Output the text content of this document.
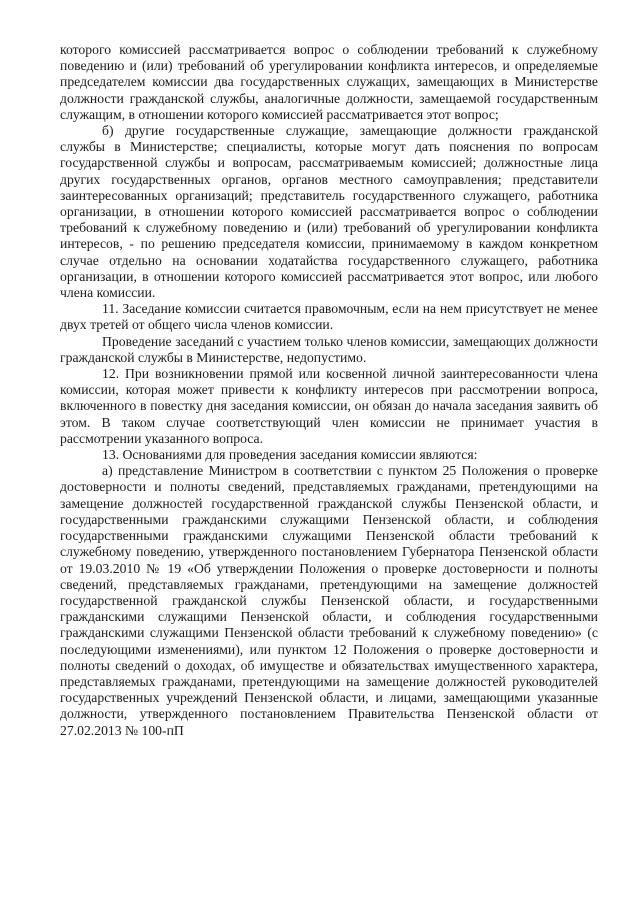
которого комиссией рассматривается вопрос о соблюдении требований к служебному поведению и (или) требований об урегулировании конфликта интересов, и определяемые председателем комиссии два государственных служащих, замещающих в Министерстве должности гражданской службы, аналогичные должности, замещаемой государственным служащим, в отношении которого комиссией рассматривается этот вопрос;

б) другие государственные служащие, замещающие должности гражданской службы в Министерстве; специалисты, которые могут дать пояснения по вопросам государственной службы и вопросам, рассматриваемым комиссией; должностные лица других государственных органов, органов местного самоуправления; представители заинтересованных организаций; представитель государственного служащего, работника организации, в отношении которого комиссией рассматривается вопрос о соблюдении требований к служебному поведению и (или) требований об урегулировании конфликта интересов, - по решению председателя комиссии, принимаемому в каждом конкретном случае отдельно на основании ходатайства государственного служащего, работника организации, в отношении которого комиссией рассматривается этот вопрос, или любого члена комиссии.

11. Заседание комиссии считается правомочным, если на нем присутствует не менее двух третей от общего числа членов комиссии.

Проведение заседаний с участием только членов комиссии, замещающих должности гражданской службы в Министерстве, недопустимо.

12. При возникновении прямой или косвенной личной заинтересованности члена комиссии, которая может привести к конфликту интересов при рассмотрении вопроса, включенного в повестку дня заседания комиссии, он обязан до начала заседания заявить об этом. В таком случае соответствующий член комиссии не принимает участия в рассмотрении указанного вопроса.

13. Основаниями для проведения заседания комиссии являются:

а) представление Министром в соответствии с пунктом 25 Положения о проверке достоверности и полноты сведений, представляемых гражданами, претендующими на замещение должностей государственной гражданской службы Пензенской области, и государственными гражданскими служащими Пензенской области, и соблюдения государственными гражданскими служащими Пензенской области требований к служебному поведению, утвержденного постановлением Губернатора Пензенской области от 19.03.2010 № 19 «Об утверждении Положения о проверке достоверности и полноты сведений, представляемых гражданами, претендующими на замещение должностей государственной гражданской службы Пензенской области, и государственными гражданскими служащими Пензенской области, и соблюдения государственными гражданскими служащими Пензенской области требований к служебному поведению» (с последующими изменениями), или пунктом 12 Положения о проверке достоверности и полноты сведений о доходах, об имуществе и обязательствах имущественного характера, представляемых гражданами, претендующими на замещение должностей руководителей государственных учреждений Пензенской области, и лицами, замещающими указанные должности, утвержденного постановлением Правительства Пензенской области от 27.02.2013 № 100-пП
